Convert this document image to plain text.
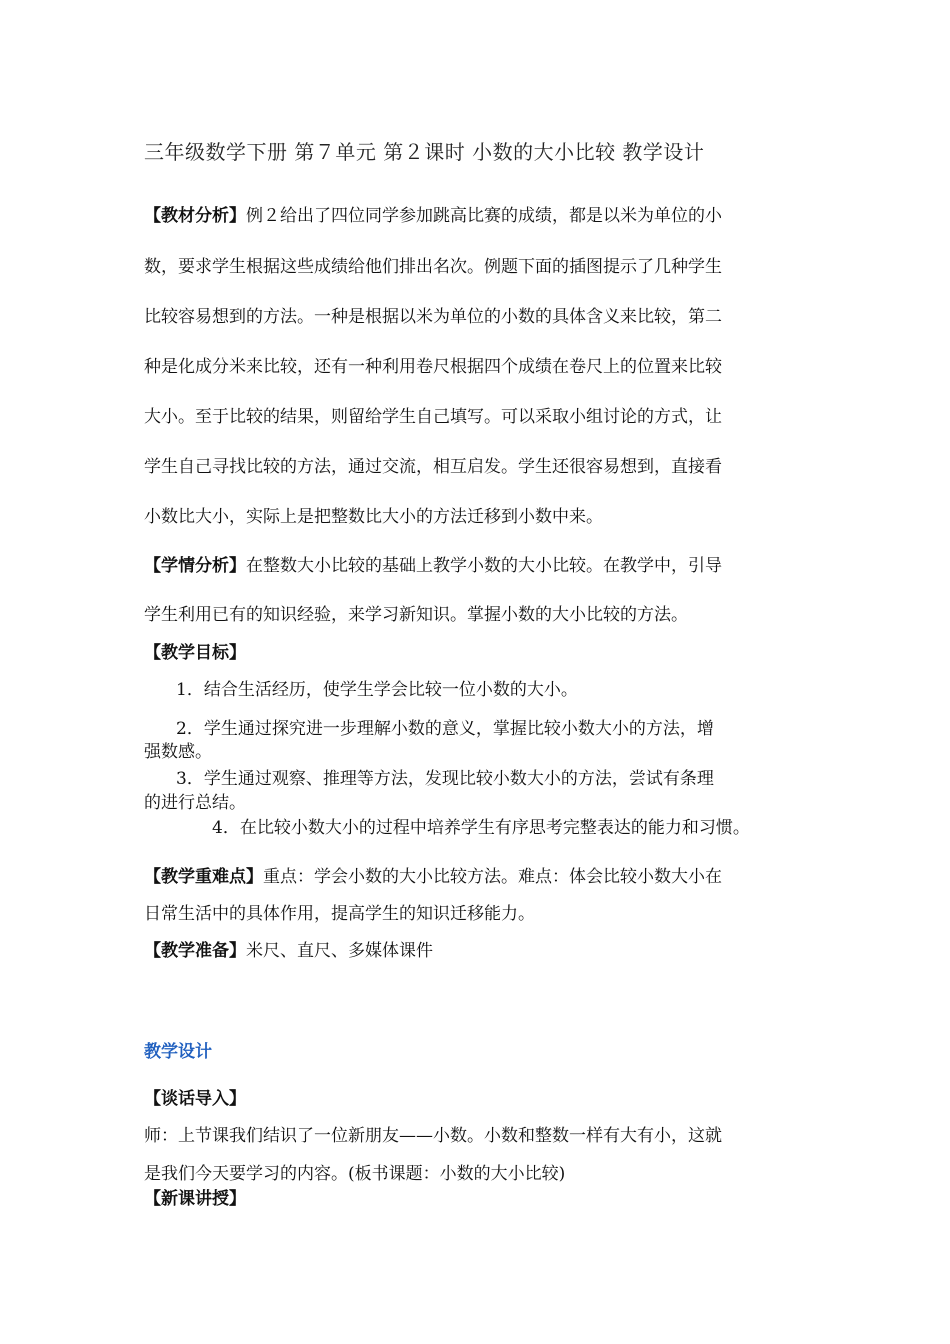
三年级数学下册 第７单元 第２课时 小数的大小比较 教学设计
【教材分析】例２给出了四位同学参加跳高比赛的成绩，都是以米为单位的小
数，要求学生根据这些成绩给他们排出名次。例题下面的插图提示了几种学生
比较容易想到的方法。一种是根据以米为单位的小数的具体含义来比较，第二
种是化成分米来比较，还有一种利用卷尺根据四个成绩在卷尺上的位置来比较
大小。至于比较的结果，则留给学生自己填写。可以采取小组讨论的方式，让
学生自己寻找比较的方法，通过交流，相互启发。学生还很容易想到，直接看
小数比大小，实际上是把整数比大小的方法迁移到小数中来。
【学情分析】在整数大小比较的基础上教学小数的大小比较。在教学中，引导
学生利用已有的知识经验，来学习新知识。掌握小数的大小比较的方法。
【教学目标】
1．结合生活经历，使学生学会比较一位小数的大小。
2．学生通过探究进一步理解小数的意义，掌握比较小数大小的方法，增
强数感。
3．学生通过观察、推理等方法，发现比较小数大小的方法，尝试有条理
的进行总结。
4．在比较小数大小的过程中培养学生有序思考完整表达的能力和习惯。
【教学重难点】重点：学会小数的大小比较方法。难点：体会比较小数大小在
日常生活中的具体作用，提高学生的知识迁移能力。
【教学准备】米尺、直尺、多媒体课件
教学设计
【谈话导入】
师：上节课我们结识了一位新朋友——小数。小数和整数一样有大有小，这就
是我们今天要学习的内容。(板书课题：小数的大小比较)
【新课讲授】
